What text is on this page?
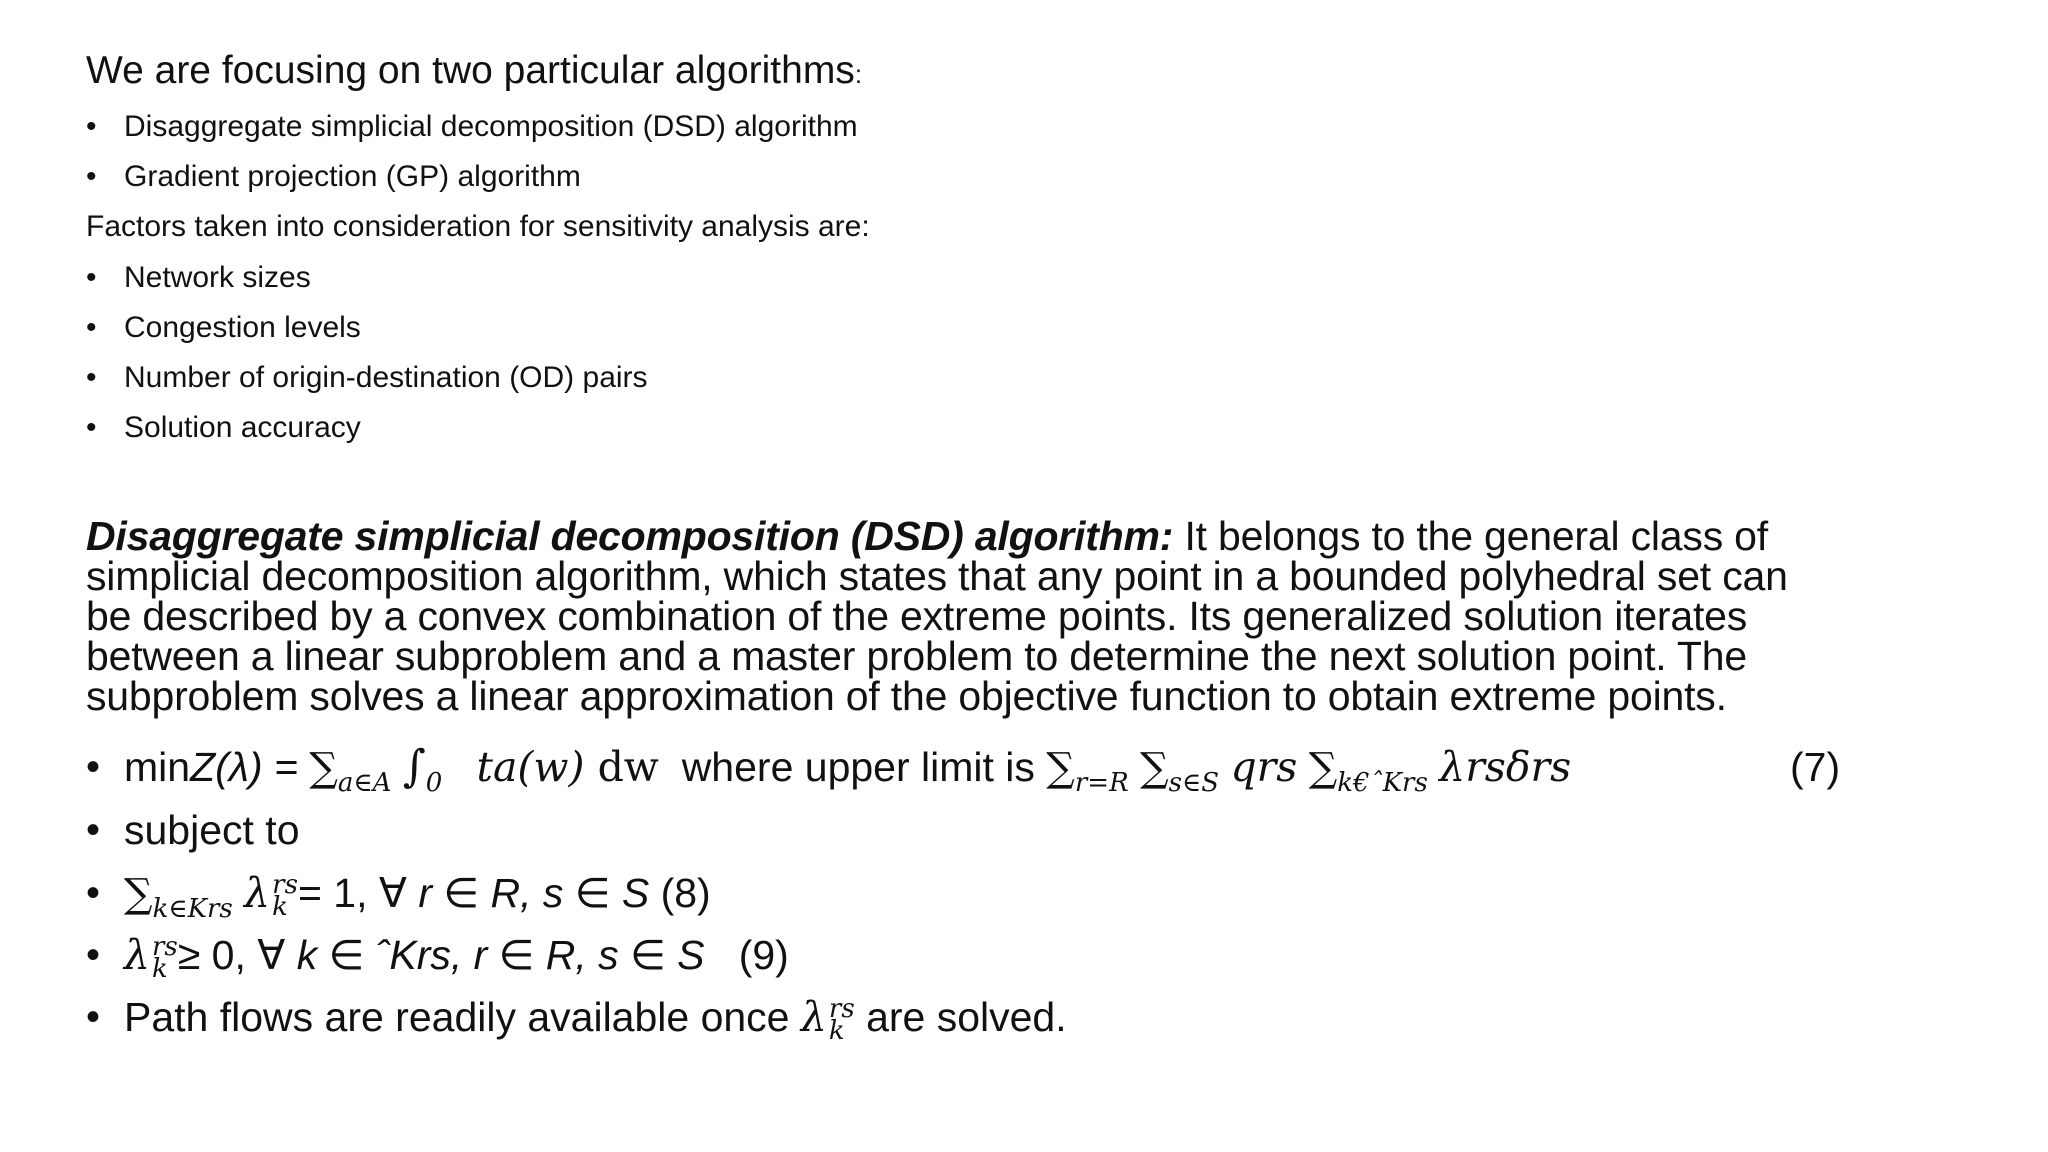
We are focusing on two particular algorithms:
• Disaggregate simplicial decomposition (DSD) algorithm
• Gradient projection (GP) algorithm
Factors taken into consideration for sensitivity analysis are:
• Network sizes
• Congestion levels
• Number of origin-destination (OD) pairs
• Solution accuracy
Disaggregate simplicial decomposition (DSD) algorithm: It belongs to the general class of
simplicial decomposition algorithm, which states that any point in a bounded polyhedral set can
be described by a convex combination of the extreme points. Its generalized solution iterates
between a linear subproblem and a master problem to determine the next solution point. The
subproblem solves a linear approximation of the objective function to obtain extreme points.
• $\min Z(\lambda) = \sum_{a\in A}$ $\int_0$ ta(w) dw where upper limit is $\sum_{r=R}$ $\sum_{s\in S}$ qrs $\sum_{k€ˆKrs}$ λrsδrs	(7)
• subject to
• $\sum_{k\in Krs}$ λ rs
k = 1, ∀ r ∈ R, s ∈ S (8)
• λ rs
k ≥ 0, ∀ k ∈ ˆKrs, r ∈ R, s ∈ S (9)
• Path flows are readily available once λ rs
k are solved.
